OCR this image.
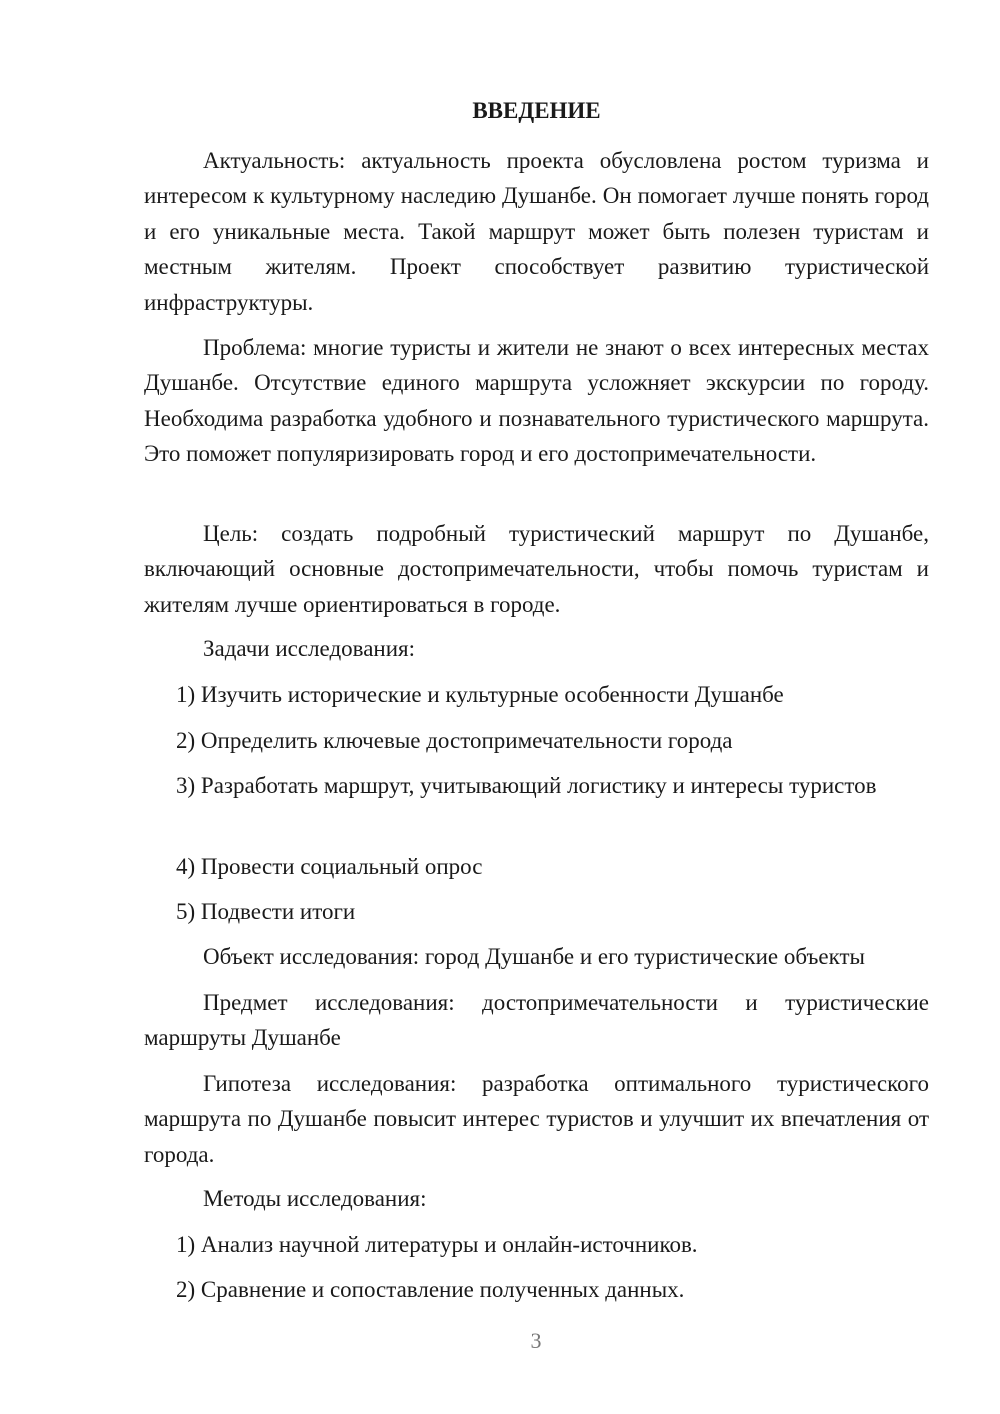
ВВЕДЕНИЕ

Актуальность: актуальность проекта обусловлена ростом туризма и интересом к культурному наследию Душанбе. Он помогает лучше понять город и его уникальные места. Такой маршрут может быть полезен туристам и местным жителям. Проект способствует развитию туристической инфраструктуры.

Проблема: многие туристы и жители не знают о всех интересных местах Душанбе. Отсутствие единого маршрута усложняет экскурсии по городу. Необходима разработка удобного и познавательного туристического маршрута. Это поможет популяризировать город и его достопримечательности.

Цель: создать подробный туристический маршрут по Душанбе, включающий основные достопримечательности, чтобы помочь туристам и жителям лучше ориентироваться в городе.

Задачи исследования:

1) Изучить исторические и культурные особенности Душанбе

2) Определить ключевые достопримечательности города

3) Разработать маршрут, учитывающий логистику и интересы туристов

4) Провести социальный опрос

5) Подвести итоги

Объект исследования: город Душанбе и его туристические объекты

Предмет исследования: достопримечательности и туристические маршруты Душанбе

Гипотеза исследования: разработка оптимального туристического маршрута по Душанбе повысит интерес туристов и улучшит их впечатления от города.

Методы исследования:

1) Анализ научной литературы и онлайн-источников.

2) Сравнение и сопоставление полученных данных.

3
